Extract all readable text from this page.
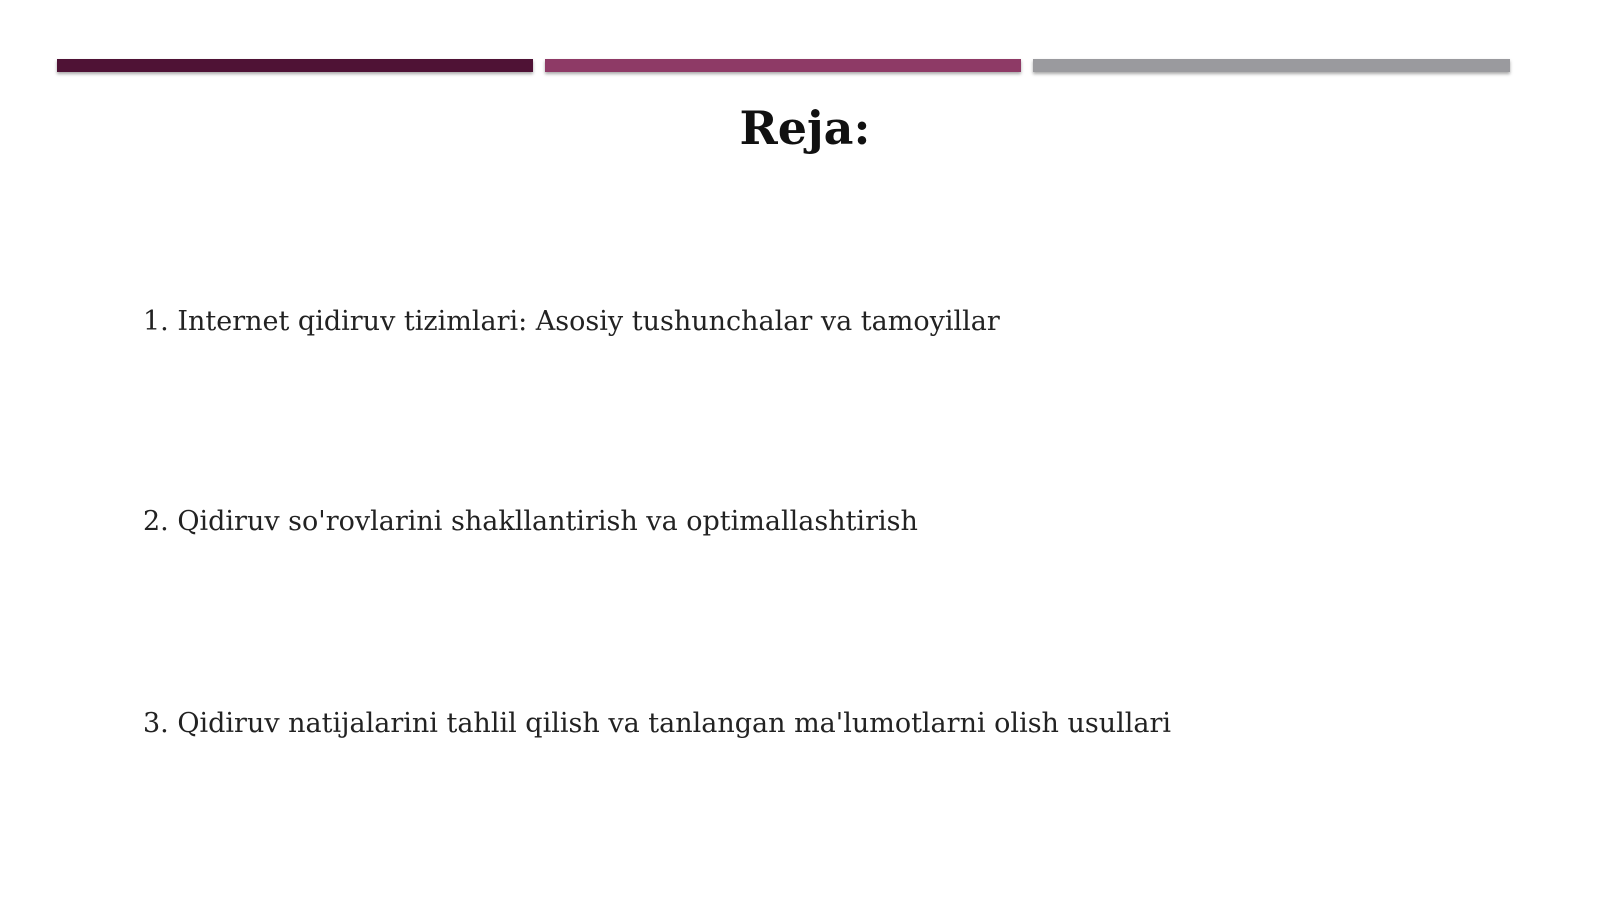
Reja:
1. Internet qidiruv tizimlari: Asosiy tushunchalar va tamoyillar
2. Qidiruv so'rovlarini shakllantirish va optimallashtirish
3. Qidiruv natijalarini tahlil qilish va tanlangan ma'lumotlarni olish usullari
